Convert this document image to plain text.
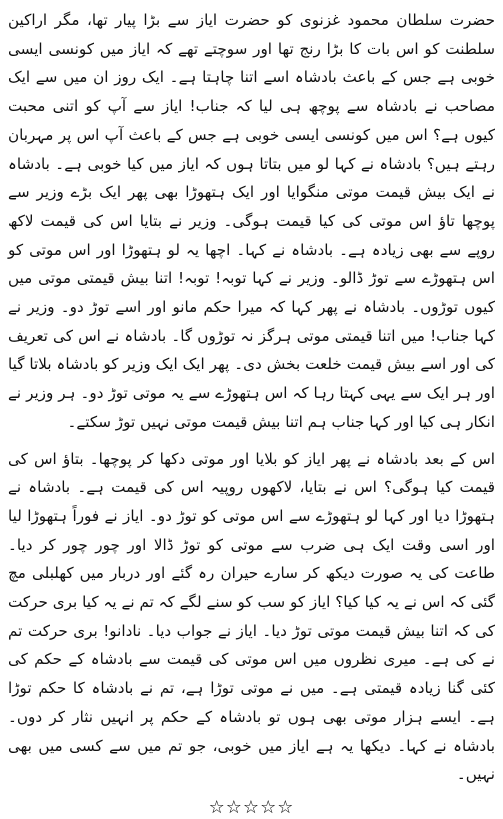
حضرت سلطان محمود غزنوی کو حضرت ایاز سے بڑا پیار تھا، مگر اراکین سلطنت کو اس بات کا بڑا رنج تھا اور سوچتے تھے کہ ایاز میں کونسی ایسی خوبی ہے جس کے باعث بادشاہ اسے اتنا چاہتا ہے۔ ایک روز ان میں سے ایک مصاحب نے بادشاہ سے پوچھ ہی لیا کہ جناب! ایاز سے آپ کو اتنی محبت کیوں ہے؟ اس میں کونسی ایسی خوبی ہے جس کے باعث آپ اس پر مہربان رہتے ہیں؟ بادشاہ نے کہا لو میں بتاتا ہوں کہ ایاز میں کیا خوبی ہے۔ بادشاہ نے ایک بیش قیمت موتی منگوایا اور ایک ہتھوڑا بھی پھر ایک بڑے وزیر سے پوچھا تاؤ اس موتی کی کیا قیمت ہوگی۔ وزیر نے بتایا اس کی قیمت لاکھ روپے سے بھی زیادہ ہے۔ بادشاہ نے کہا۔ اچھا یہ لو ہتھوڑا اور اس موتی کو اس ہتھوڑے سے توڑ ڈالو۔ وزیر نے کہا توبہ! توبہ! اتنا بیش قیمتی موتی میں کیوں توڑوں۔ بادشاہ نے پھر کہا کہ میرا حکم مانو اور اسے توڑ دو۔ وزیر نے کہا جناب! میں اتنا قیمتی موتی ہرگز نہ توڑوں گا۔ بادشاہ نے اس کی تعریف کی اور اسے بیش قیمت خلعت بخش دی۔ پھر ایک ایک وزیر کو بادشاہ بلاتا گیا اور ہر ایک سے یہی کہتا رہا کہ اس ہتھوڑے سے یہ موتی توڑ دو۔ ہر وزیر نے انکار ہی کیا اور کہا جناب ہم اتنا بیش قیمت موتی نہیں توڑ سکتے۔

اس کے بعد بادشاہ نے پھر ایاز کو بلایا اور موتی دکھا کر پوچھا۔ بتاؤ اس کی قیمت کیا ہوگی؟ اس نے بتایا، لاکھوں روپیہ اس کی قیمت ہے۔ بادشاہ نے ہتھوڑا دیا اور کہا لو ہتھوڑے سے اس موتی کو توڑ دو۔ ایاز نے فوراً ہتھوڑا لیا اور اسی وقت ایک ہی ضرب سے موتی کو توڑ ڈالا اور چور چور کر دیا۔ طاعت کی یہ صورت دیکھ کر سارے حیران رہ گئے اور دربار میں کھلبلی مچ گئی کہ اس نے یہ کیا کیا؟ ایاز کو سب کو سنے لگے کہ تم نے یہ کیا بری حرکت کی کہ اتنا بیش قیمت موتی توڑ دیا۔ ایاز نے جواب دیا۔ نادانو! بری حرکت تم نے کی ہے۔ میری نظروں میں اس موتی کی قیمت سے بادشاہ کے حکم کی کئی گنا زیادہ قیمتی ہے۔ میں نے موتی توڑا ہے، تم نے بادشاہ کا حکم توڑا ہے۔ ایسے ہزار موتی بھی ہوں تو بادشاہ کے حکم پر انہیں نثار کر دوں۔ بادشاہ نے کہا۔ دیکھا یہ ہے ایاز میں خوبی، جو تم میں سے کسی میں بھی نہیں۔

☆☆☆☆☆
